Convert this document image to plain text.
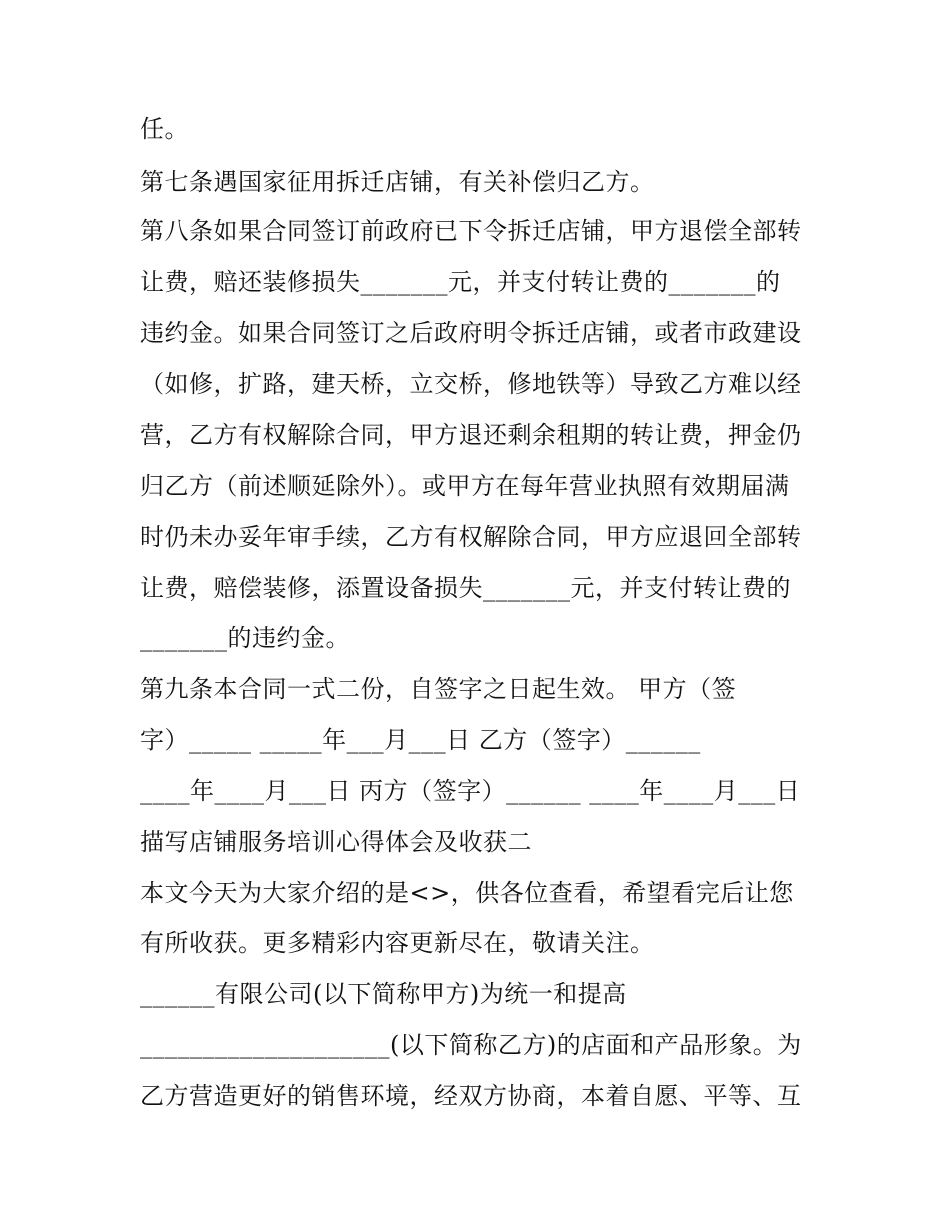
任。
第七条遇国家征用拆迁店铺，有关补偿归乙方。
第八条如果合同签订前政府已下令拆迁店铺，甲方退偿全部转
让费，赔还装修损失_______元，并支付转让费的_______的
违约金。如果合同签订之后政府明令拆迁店铺，或者市政建设
（如修，扩路，建天桥，立交桥，修地铁等）导致乙方难以经
营，乙方有权解除合同，甲方退还剩余租期的转让费，押金仍
归乙方（前述顺延除外）。或甲方在每年营业执照有效期届满
时仍未办妥年审手续，乙方有权解除合同，甲方应退回全部转
让费，赔偿装修，添置设备损失_______元，并支付转让费的
_______的违约金。
第九条本合同一式二份，自签字之日起生效。 甲方（签
字）_____ _____年___月___日 乙方（签字）______
____年____月___日 丙方（签字）______ ____年____月___日
描写店铺服务培训心得体会及收获二
本文今天为大家介绍的是<>，供各位查看，希望看完后让您
有所收获。更多精彩内容更新尽在，敬请关注。
______有限公司(以下简称甲方)为统一和提高
____________________(以下简称乙方)的店面和产品形象。为
乙方营造更好的销售环境，经双方协商，本着自愿、平等、互
